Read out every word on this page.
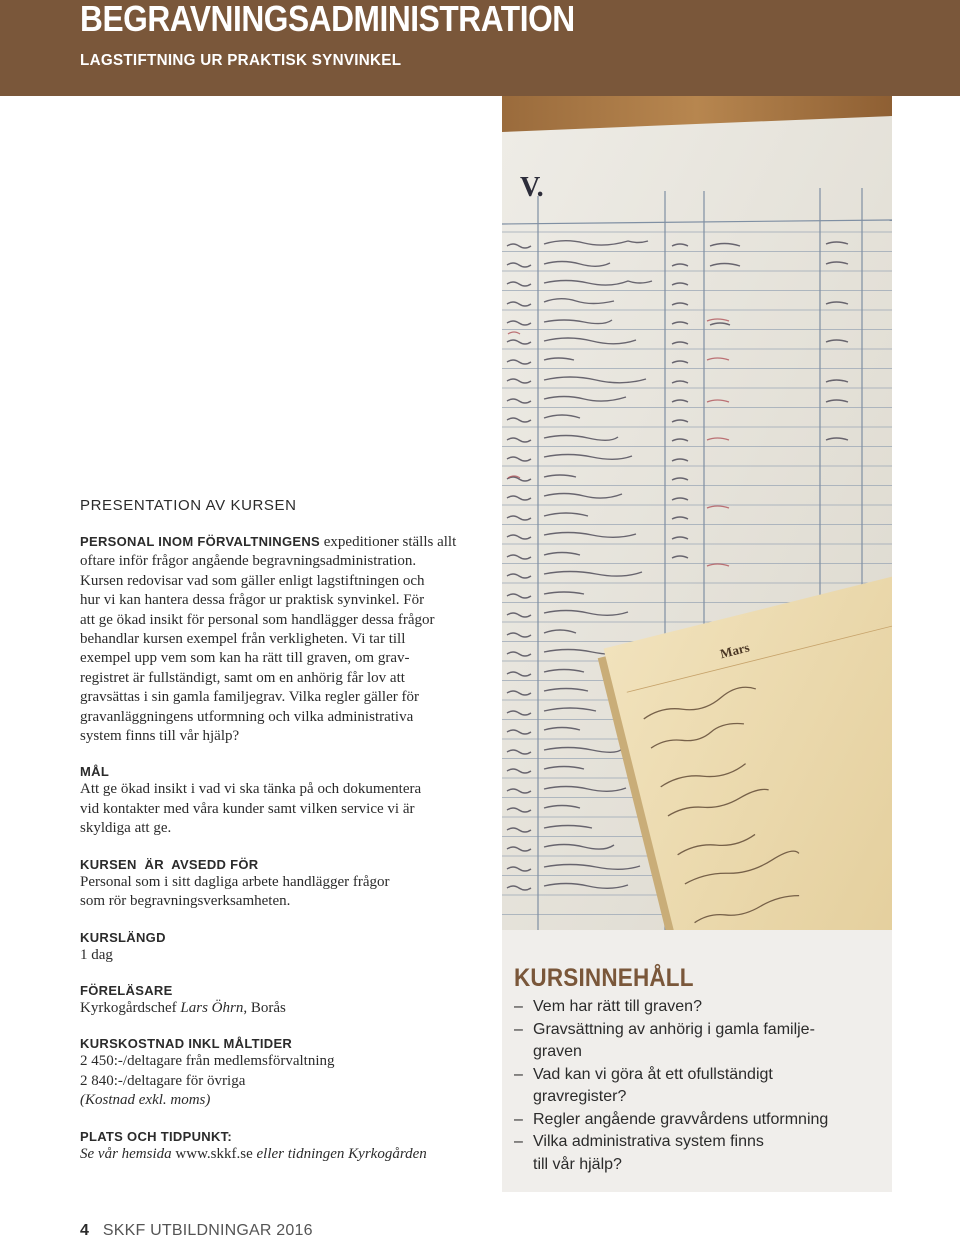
BEGRAVNINGSADMINISTRATION
LAGSTIFTNING UR PRAKTISK SYNVINKEL
V.
Mars
PRESENTATION AV KURSEN

PERSONAL INOM FÖRVALTNINGENS expeditioner ställs allt
oftare inför frågor angående begravningsadministration.
Kursen redovisar vad som gäller enligt lagstiftningen och
hur vi kan hantera dessa frågor ur praktisk synvinkel. För
att ge ökad insikt för personal som handlägger dessa frågor
behandlar kursen exempel från verkligheten. Vi tar till
exempel upp vem som kan ha rätt till graven, om grav-
registret är fullständigt, samt om en anhörig får lov att
gravsättas i sin gamla familjegrav. Vilka regler gäller för
gravanläggningens utformning och vilka administrativa
system finns till vår hjälp?

MÅL

Att ge ökad insikt i vad vi ska tänka på och dokumentera
vid kontakter med våra kunder samt vilken service vi är
skyldiga att ge.

KURSEN  ÄR  AVSEDD FÖR

Personal som i sitt dagliga arbete handlägger frågor
som rör begravningsverksamheten.

KURSLÄNGD

1 dag

FÖRELÄSARE

Kyrkogårdschef Lars Öhrn, Borås

KURSKOSTNAD INKL MÅLTIDER

2 450:-/deltagare från medlemsförvaltning
2 840:-/deltagare för övriga
(Kostnad exkl. moms)

PLATS OCH TIDPUNKT:

Se vår hemsida www.skkf.se eller tidningen Kyrkogården

KURSINNEHÅLL
– Vem har rätt till graven?
– Gravsättning av anhörig i gamla familje-
graven
– Vad kan vi göra åt ett ofullständigt
gravregister?
– Regler angående gravvårdens utformning
– Vilka administrativa system finns
till vår hjälp?
4 SKKF UTBILDNINGAR 2016
